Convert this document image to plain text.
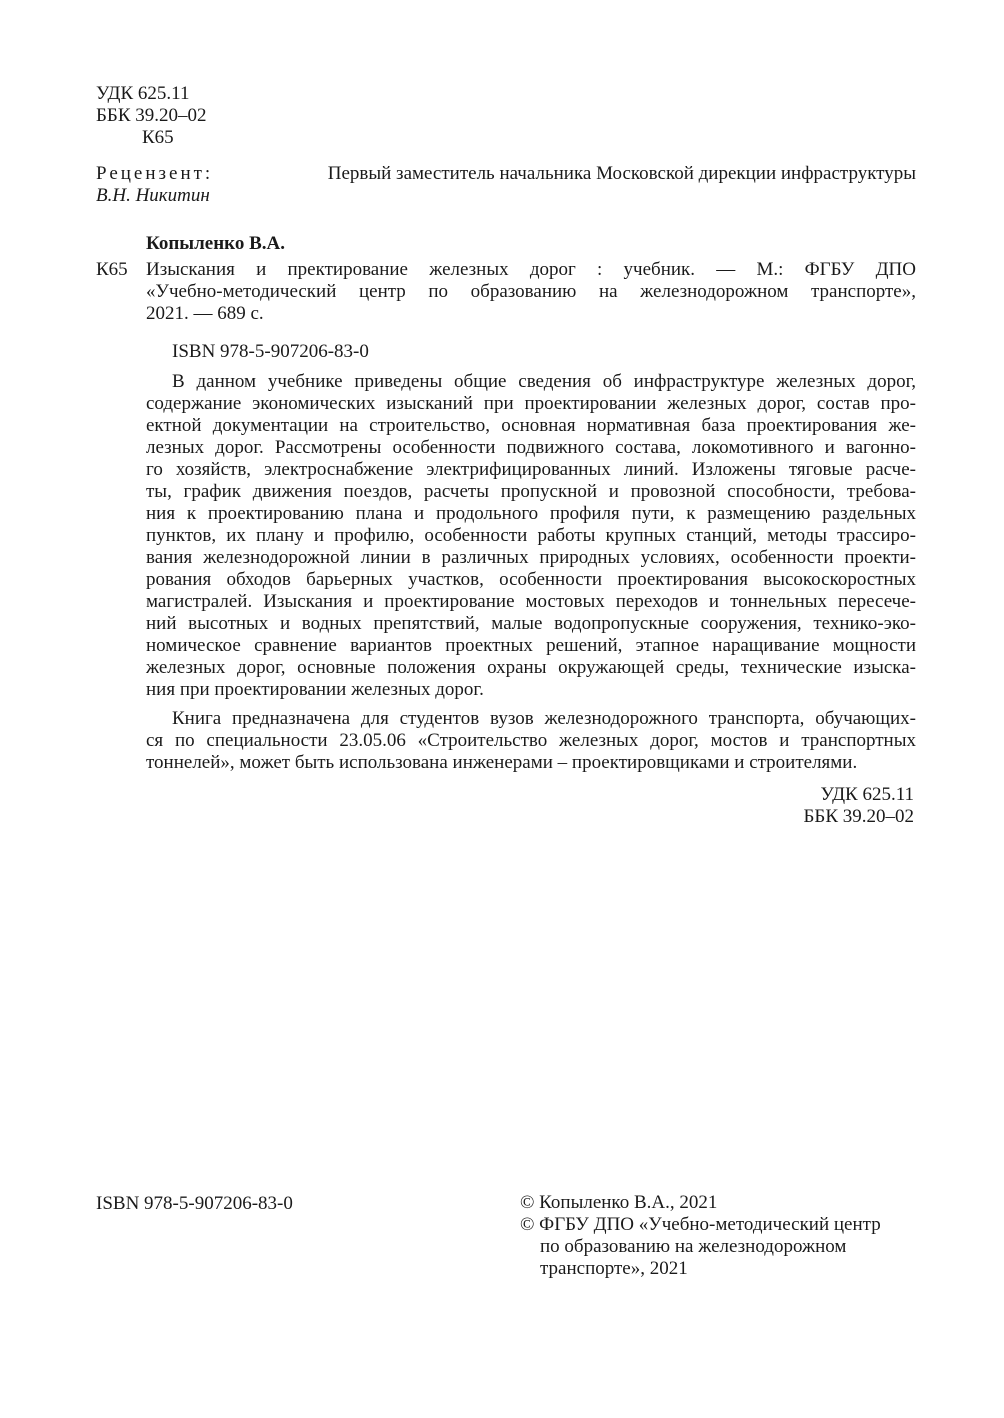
УДК 625.11
ББК 39.20–02
К65
Рецензент:	Первый заместитель начальника Московской дирекции инфраструктуры
В.Н. Никитин
Копыленко В.А.
К65 Изыскания и пректирование железных дорог : учебник. — М.: ФГБУ ДПО
«Учебно-методический центр по образованию на железнодорожном транспорте»,
2021. — 689 с.
ISBN 978-5-907206-83-0
В данном учебнике приведены общие сведения об инфраструктуре железных дорог,
содержание экономических изысканий при проектировании железных дорог, состав про-
ектной документации на строительство, основная нормативная база проектирования же-
лезных дорог. Рассмотрены особенности подвижного состава, локомотивного и вагонно-
го хозяйств, электроснабжение электрифицированных линий. Изложены тяговые расче-
ты, график движения поездов, расчеты пропускной и провозной способности, требова-
ния к проектированию плана и продольного профиля пути, к размещению раздельных
пунктов, их плану и профилю, особенности работы крупных станций, методы трассиро-
вания железнодорожной линии в различных природных условиях, особенности проекти-
рования обходов барьерных участков, особенности проектирования высокоскоростных
магистралей. Изыскания и проектирование мостовых переходов и тоннельных пересече-
ний высотных и водных препятствий, малые водопропускные сооружения, технико-эко-
номическое сравнение вариантов проектных решений, этапное наращивание мощности
железных дорог, основные положения охраны окружающей среды, технические изыска-
ния при проектировании железных дорог.
Книга предназначена для студентов вузов железнодорожного транспорта, обучающих-
ся по специальности 23.05.06 «Строительство железных дорог, мостов и транспортных
тоннелей», может быть использована инженерами – проектировщиками и строителями.
УДК 625.11
ББК 39.20–02
ISBN 978-5-907206-83-0	© Копыленко В.А., 2021
© ФГБУ ДПО «Учебно-методический центр
по образованию на железнодорожном
транспорте», 2021
